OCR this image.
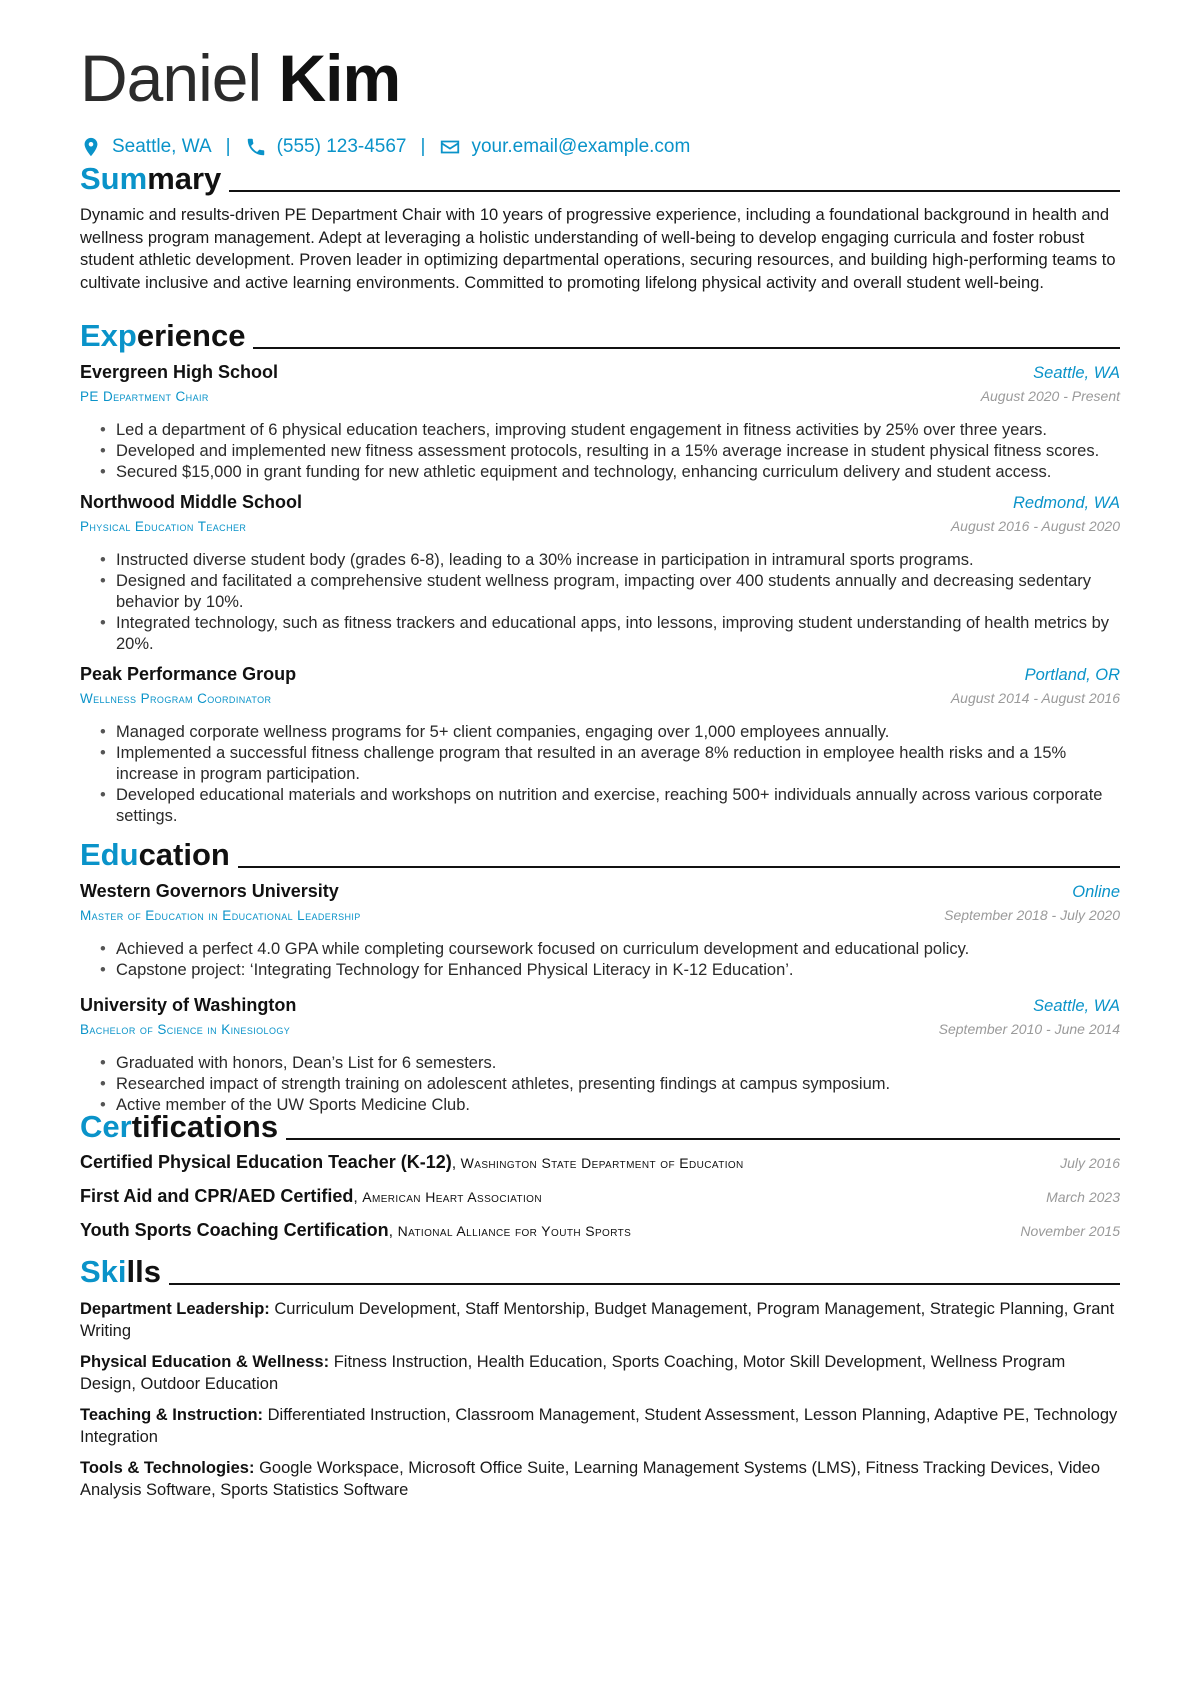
Daniel Kim
Seattle, WA | (555) 123-4567 | your.email@example.com
Summary
Dynamic and results-driven PE Department Chair with 10 years of progressive experience, including a foundational background in health and wellness program management. Adept at leveraging a holistic understanding of well-being to develop engaging curricula and foster robust student athletic development. Proven leader in optimizing departmental operations, securing resources, and building high-performing teams to cultivate inclusive and active learning environments. Committed to promoting lifelong physical activity and overall student well-being.
Experience
Evergreen High School	Seattle, WA
PE Department Chair	August 2020 - Present
• Led a department of 6 physical education teachers, improving student engagement in fitness activities by 25% over three years.
• Developed and implemented new fitness assessment protocols, resulting in a 15% average increase in student physical fitness scores.
• Secured $15,000 in grant funding for new athletic equipment and technology, enhancing curriculum delivery and student access.
Northwood Middle School	Redmond, WA
Physical Education Teacher	August 2016 - August 2020
• Instructed diverse student body (grades 6-8), leading to a 30% increase in participation in intramural sports programs.
• Designed and facilitated a comprehensive student wellness program, impacting over 400 students annually and decreasing sedentary behavior by 10%.
• Integrated technology, such as fitness trackers and educational apps, into lessons, improving student understanding of health metrics by 20%.
Peak Performance Group	Portland, OR
Wellness Program Coordinator	August 2014 - August 2016
• Managed corporate wellness programs for 5+ client companies, engaging over 1,000 employees annually.
• Implemented a successful fitness challenge program that resulted in an average 8% reduction in employee health risks and a 15% increase in program participation.
• Developed educational materials and workshops on nutrition and exercise, reaching 500+ individuals annually across various corporate settings.
Education
Western Governors University	Online
Master of Education in Educational Leadership	September 2018 - July 2020
• Achieved a perfect 4.0 GPA while completing coursework focused on curriculum development and educational policy.
• Capstone project: ‘Integrating Technology for Enhanced Physical Literacy in K-12 Education’.
University of Washington	Seattle, WA
Bachelor of Science in Kinesiology	September 2010 - June 2014
• Graduated with honors, Dean’s List for 6 semesters.
• Researched impact of strength training on adolescent athletes, presenting findings at campus symposium.
• Active member of the UW Sports Medicine Club.
Certifications
Certified Physical Education Teacher (K-12), Washington State Department of Education	July 2016
First Aid and CPR/AED Certified, American Heart Association	March 2023
Youth Sports Coaching Certification, National Alliance for Youth Sports	November 2015
Skills
Department Leadership: Curriculum Development, Staff Mentorship, Budget Management, Program Management, Strategic Planning, Grant Writing
Physical Education & Wellness: Fitness Instruction, Health Education, Sports Coaching, Motor Skill Development, Wellness Program Design, Outdoor Education
Teaching & Instruction: Differentiated Instruction, Classroom Management, Student Assessment, Lesson Planning, Adaptive PE, Technology Integration
Tools & Technologies: Google Workspace, Microsoft Office Suite, Learning Management Systems (LMS), Fitness Tracking Devices, Video Analysis Software, Sports Statistics Software
